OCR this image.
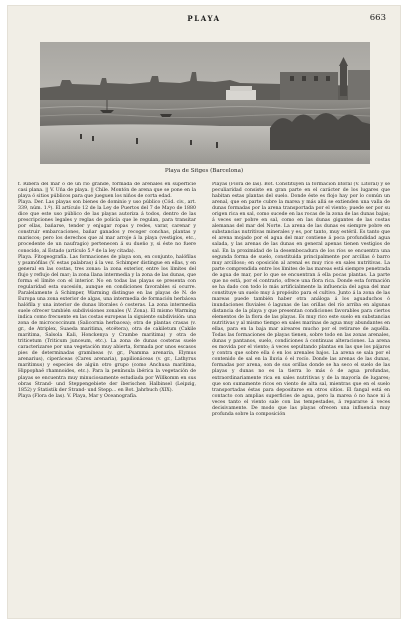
PLAYA	663
Playa de Sitges (Barcelona)

f. Ribera del mar ó de un río grande, formada de arenales en superficie casi plana. || V. Uña de playa. || Chile. Montón de arena que se pone en la playa ó sitios públicos para que jueguen los niños de corta edad.

Playa. Der. Las playas son bienes de dominio y uso público (Cód. civ., art. 339, núm. 1.º). El artículo 12 de la Ley de Puertos del 7 de Mayo de 1880 dice que este uso público de las playas autoriza á todos, dentro de las prescripciones legales y reglas de policía que le regulan, para transitar por ellas, bañarse, tender y enjugar ropas y redes, varar, carenar y construir embarcaciones, bañar ganados y recoger conchas, plantas y mariscos; pero los derechos que al mar arroje á la playa (vestigios, etc., procedente de un naufragio) pertenecen á su dueño y, si éste no fuere conocido, al Estado (artículo 5.º de la ley citada).

Playa. Fitogeografía. Las formaciones de playa son, en conjunto, halófilas y psamófilas (V. estas palabras) á la vez. Schimper distingue en ellas, y en general en las costas, tres zonas: la zona exterior, entre los límites del flujo y reflujo del mar; la zona llana intermedia y la zona de las dunas, que forma el límite con el interior. No en todas las playas se presenta con regularidad esta sucesión, aunque en condiciones favorables sí ocurre. Paralelamente á Schimper, Warming distingue en las playas de N. de Europa una zona exterior de algas, una intermedia de formación herbácea halófila y una interior de dunas litorales ó costeras. La zona intermedia suele ofrecer también subdivisiones zonales (V. Zona). El mismo Warming indica como frecuente en las costas europeas la siguiente subdivisión: una zona de micrococcinum (Salicornia herbacea); otra de plantas crasas (v. gr., de Atriplex, Suaeda maritima, etcétera), otra de cakiletum (Cakile maritima, Salsola Kali, Honckenya y Crambe maritima) y otra de triticetum (Triticum junceum, etc.). La zona de dunas costeras suele caracterizarse por una vegetación muy abierta, formada por unos escasos pies de determinadas gramíneas (v. gr., Psamma arenaria, Elymus arenarius), ciperáceas (Carex arenaria), papilionáceas (v. gr., Lathyrus maritimus) y especies de algún otro grupo (como Anchusa maritima, Hippophaë rhamnoides, etc.). Para la península ibérica la vegetación de playas se encuentra muy minuciosamente estudiada por Willkomm en sus obras Strand- und Steppengebiete der iberischen Halbinsel (Leipzig, 1852) y Statistik der Strand- und Stepp... en Bot. Jahrbuch (XIX).

Playa (Flora de las). V. Playa, Mar y Oceanografía.

Playas (Flora de las). Bot. Constituyen la formación litoral (V. Litoral) y se peculiaridad consiste en gran parte en el carácter de los lugares que habitan estas plantas del suelo. Donde éste es flojo hay por lo común un arenal, que en parte cubre la marea y más allá se extienden una valla de dunas formadas por la arena transportada por el viento; puede ser por su origen rica en sal, como sucede en las rocas de la zona de las dunas bajas; á veces ser pobre en sal, como en las dunas gigantes de las costas alemanas del mar del Norte. La arena de las dunas es siempre pobre en substancias nutritivas minerales y es, por tanto, muy estéril. Es tanto que el arena mojado por el agua del mar contiene á poca profundidad agua salada, y las arenas de las dunas en general apenas tienen vestigios de sal. En la proximidad de la desembocadura de los ríos se encuentra una segunda forma de suelo, constituida principalmente por arcillas ó barro muy arcilloso; en oposición al arenal es muy rico en sales nutritivas. La parte comprendida entre los límites de las mareas está siempre penetrada de agua de mar, por lo que se encuentran á ella pocas plantas. La parte que no está, por el contrario, ofrece una flora rica. Donde esta formación se ha dado con todo lo más artificialmente la influencia del agua del mar constituye un suelo muy á propósito para el cultivo. Junto á la zona de las mareas puede también haber otra análoga á los aguaduchos ó inundaciones fluviales ó lagunas de las orillas del río arriba en algunas distancia de la playa y que presentan condiciones favorables para ciertos elementos de la flora de las playas. Es muy rico este suelo en substancias nutritivas y al mismo tiempo en sales marinas de agua muy abundantes en ellas, para en la baja mar aireares mucho por el retirarse de aquélla. Todas las formaciones de playas tienen, sobre todo en las zonas arenales, dunas y pantanos, suelo, condiciones á continuas alteraciones. La arena es movida por el viento; á veces sepultando plantas en las que los pájaros y contra que sobre ella ó en los arenales bajos. La arena se sala por el contenido de sal en la lluvia ó el rocío. Donde las arenas de las dunas, formadas por arena, son de sus orillas donde se ha seco el suelo de las playas y dunas no es la tierra lo más ó de agua profundas, extraordinariamente rica en sales nutritivas y de la mayoría de lugares; que son sumamente ricos en viento de alta sal, mientras que en el suelo transportadas éstas para depositarse en otros sitios. El fangal está en contacto con amplias superficies de agua, pero la marea ó no hace ni á veces tanto el viento sale con las tempestades, á repararse á veces decisivamente. De modo que las playas ofrecen una influencia muy profunda sobre la composición
